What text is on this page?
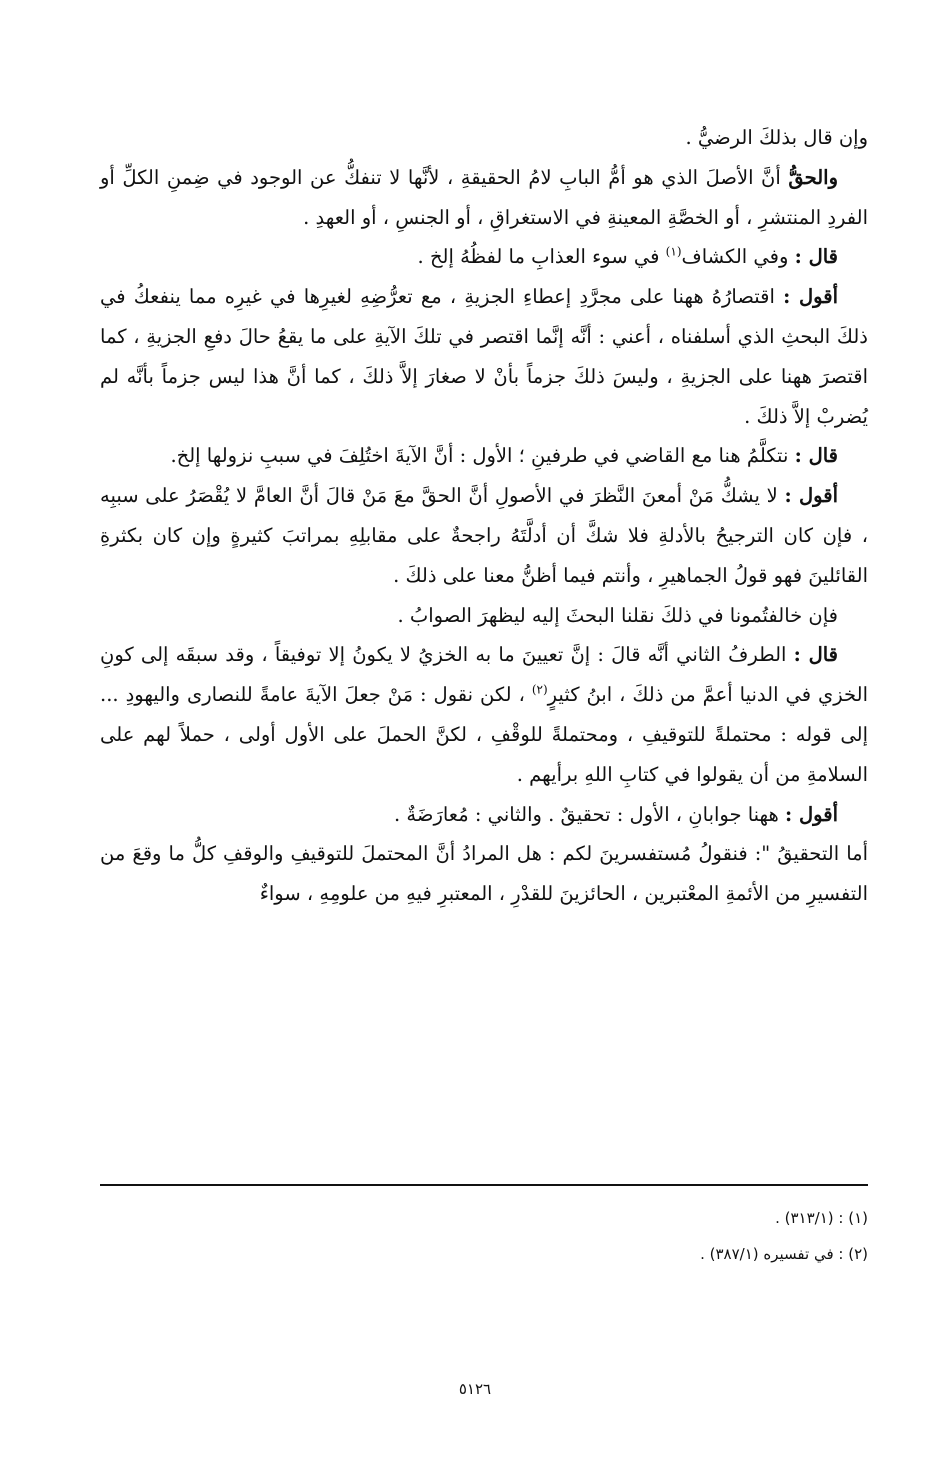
وإن قال بذلكَ الرضيُّ .

والحقُّ أنَّ الأصلَ الذي هو أمُّ البابِ لامُ الحقيقةِ ، لأنَّها لا تنفكُّ عن الوجود في ضِمنِ الكلِّ أو الفردِ المنتشرِ ، أو الخصَّةِ المعينةِ في الاستغراقِ ، أو الجنسِ ، أو العهدِ .

قال : وفي الكشاف$^{(١)}$ في سوء العذابِ ما لفظُهُ إلخ .

أقول : اقتصارُهُ ههنا على مجرَّدِ إعطاءِ الجزيةِ ، مع تعرُّضِهِ لغيرِها في غيرِه مما ينفعكُ في ذلكَ البحثِ الذي أسلفناه ، أعني : أنَّه إنَّما اقتصر في تلكَ الآيةِ على ما يقعُ حالَ دفعِ الجزيةِ ، كما اقتصرَ ههنا على الجزيةِ ، وليسَ ذلكَ جزماً بأنْ لا صغارَ إلاَّ ذلكَ ، كما أنَّ هذا ليس جزماً بأنَّه لم يُضربْ إلاَّ ذلكَ .

قال : نتكلَّمُ هنا مع القاضي في طرفينِ ؛ الأول : أنَّ الآيةَ اختُلِفَ في سببِ نزولها إلخ.

أقول : لا يشكُّ مَنْ أمعنَ النَّظرَ في الأصولِ أنَّ الحقَّ معَ مَنْ قالَ أنَّ العامَّ لا يُقْصَرُ على سببِه ، فإن كان الترجيحُ بالأدلةِ فلا شكَّ أن أدلَّتَهُ راجحةٌ على مقابلِهِ بمراتبَ كثيرةٍ وإن كان بكثرةِ القائلينَ فهو قولُ الجماهيرِ ، وأنتم فيما أظنُّ معنا على ذلكَ .

فإن خالفتُمونا في ذلكَ نقلنا البحثَ إليه ليظهرَ الصوابُ .

قال : الطرفُ الثاني أنَّه قالَ : إنَّ تعيينَ ما به الخزيُ لا يكونُ إلا توفيقاً ، وقد سبقَه إلى كونِ الخزي في الدنيا أعمَّ من ذلكَ ، ابنُ كثيرٍ$^{(٢)}$ ، لكن نقول : مَنْ جعلَ الآيةَ عامةً للنصارى واليهودِ ... إلى قوله : محتملةً للتوقيفِ ، ومحتملةً للوقْفِ ، لكنَّ الحملَ على الأول أولى ، حملاً لهم على السلامةِ من أن يقولوا في كتابِ اللهِ برأيهم .

أقول : ههنا جوابانِ ، الأول : تحقيقٌ . والثاني : مُعارَضَةٌ .

أما التحقيقُ ": فنقولُ مُستفسرينَ لكم : هل المرادُ أنَّ المحتملَ للتوقيفِ والوقفِ كلُّ ما وقعَ من التفسيرِ من الأئمةِ المعْتبرين ، الحائزينَ للقدْرِ ، المعتبرِ فيهِ من علومِهِ ، سواءٌ

(١) : (٣١٣/١) .

(٢) : في تفسيره (٣٨٧/١) .

٥١٢٦
